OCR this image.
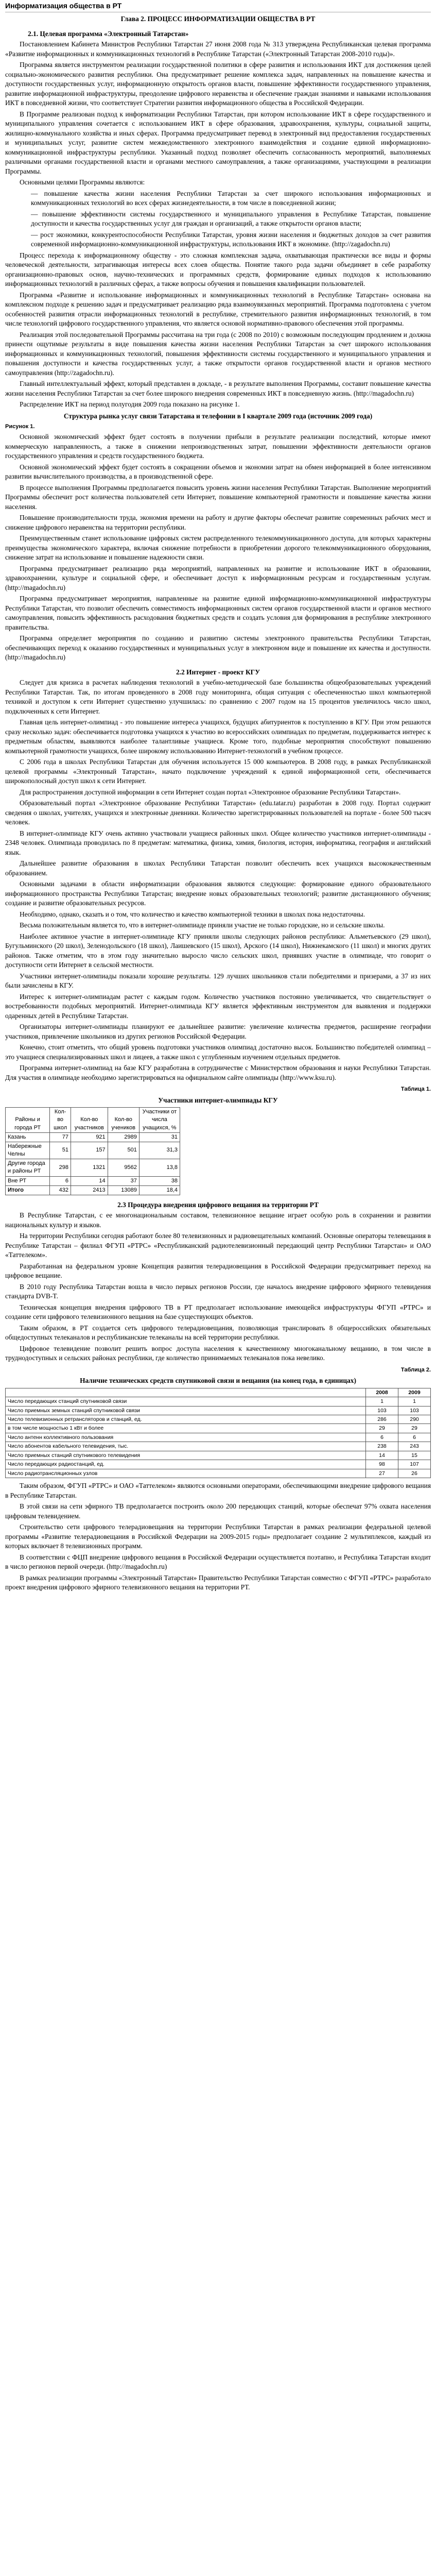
Информатизация общества в РТ
Глава 2. ПРОЦЕСС ИНФОРМАТИЗАЦИИ ОБЩЕСТВА В РТ
2.1. Целевая программа «Электронный Татарстан»

Постановлением Кабинета Министров Республики Татарстан 27 июня 2008 года № 313 утверждена Республиканская целевая программа «Развитие информационных и коммуникационных технологий в Республике Татарстан («Электронный Татарстан 2008-2010 годы)».

Программа является инструментом реализации государственной политики в сфере развития и использования ИКТ для достижения целей социально-экономического развития республики. Она предусматривает решение комплекса задач, направленных на повышение качества и доступности государственных услуг, информационную открытость органов власти, повышение эффективности государственного управления, развитие информационной инфраструктуры, преодоление цифрового неравенства и обеспечение граждан знаниями и навыками использования ИКТ в повседневной жизни, что соответствует Стратегии развития информационного общества в Российской Федерации.

В Программе реализован подход к информатизации Республики Татарстан, при котором использование ИКТ в сфере государственного и муниципального управления сочетается с использованием ИКТ в сфере образования, здравоохранения, культуры, социальной защиты, жилищно-коммунального хозяйства и иных сферах. Программа предусматривает перевод в электронный вид предоставления государственных и муниципальных услуг, развитие систем межведомственного электронного взаимодействия и создание единой информационно-коммуникационной инфраструктуры республики. Указанный подход позволяет обеспечить согласованность мероприятий, выполняемых различными органами государственной власти и органами местного самоуправления, а также организациями, участвующими в реализации Программы.

Основными целями Программы являются:

— повышение качества жизни населения Республики Татарстан за счет широкого использования информационных и коммуникационных технологий во всех сферах жизнедеятельности, в том числе в повседневной жизни;

— повышение эффективности системы государственного и муниципального управления в Республике Татарстан, повышение доступности и качества государственных услуг для граждан и организаций, а также открытости органов власти;

— рост экономики, конкурентоспособности Республики Татарстан, уровня жизни населения и бюджетных доходов за счет развития современной информационно-коммуникационной инфраструктуры, использования ИКТ в экономике. (http://zagadochn.ru)

Процесс перехода к информационному обществу - это сложная комплексная задача, охватывающая практически все виды и формы человеческой деятельности, затрагивающая интересы всех слоев общества. Понятие такого рода задачи объединяет в себе разработку организационно-правовых основ, научно-технических и программных средств, формирование единых подходов к использованию информационных технологий в различных сферах, а также вопросы обучения и повышения квалификации пользователей.

Программа «Развитие и использование информационных и коммуникационных технологий в Республике Татарстан» основана на комплексном подходе к решению задач и предусматривает реализацию ряда взаимоувязанных мероприятий. Программа подготовлена с учетом особенностей развития отрасли информационных технологий в республике, стремительного развития информационных технологий, в том числе технологий цифрового государственного управления, что является основой нормативно-правового обеспечения этой программы.

Реализация этой последовательной Программы рассчитана на три года (с 2008 по 2010) с возможным последующим продлением и должна принести ощутимые результаты в виде повышения качества жизни населения Республики Татарстан за счет широкого использования информационных и коммуникационных технологий, повышения эффективности системы государственного и муниципального управления и повышения доступности и качества государственных услуг, а также открытости органов государственной власти и органов местного самоуправления (http://zagadochn.ru).

Главный интеллектуальный эффект, который представлен в докладе, - в результате выполнения Программы, составит повышение качества жизни населения Республики Татарстан за счет более широкого внедрения современных ИКТ в повседневную жизнь. (http://magadochn.ru)

Распределение ИКТ на период полугодия 2009 года показано на рисунке 1.

Структура рынка услуг связи Татарстана и телефонии в I квартале 2009 года (источник 2009 года)
Рисунок 1.

Основной экономический эффект будет состоять в получении прибыли в результате реализации последствий, которые имеют коммерческую направленность, а также в снижении непроизводственных затрат, повышении эффективности деятельности органов государственного управления и средств государственного бюджета.

Основной экономический эффект будет состоять в сокращении объемов и экономии затрат на обмен информацией в более интенсивном развитии вычислительного производства, а в производственной сфере.

В процессе выполнения Программы предполагается повысить уровень жизни населения Республики Татарстан. Выполнение мероприятий Программы обеспечит рост количества пользователей сети Интернет, повышение компьютерной грамотности и повышение качества жизни населения.

Повышение производительности труда, экономия времени на работу и другие факторы обеспечат развитие современных рабочих мест и снижение цифрового неравенства на территории республики.

Преимущественным станет использование цифровых систем распределенного телекоммуникационного доступа, для которых характерны преимущества экономического характера, включая снижение потребности в приобретении дорогого телекоммуникационного оборудования, снижение затрат на использование и повышение надежности связи.

Программа предусматривает реализацию ряда мероприятий, направленных на развитие и использование ИКТ в образовании, здравоохранении, культуре и социальной сфере, и обеспечивает доступ к информационным ресурсам и государственным услугам. (http://magadochn.ru)

Программа предусматривает мероприятия, направленные на развитие единой информационно-коммуникационной инфраструктуры Республики Татарстан, что позволит обеспечить совместимость информационных систем органов государственной власти и органов местного самоуправления, повысить эффективность расходования бюджетных средств и создать условия для формирования в республике электронного правительства.

Программа определяет мероприятия по созданию и развитию системы электронного правительства Республики Татарстан, обеспечивающих переход к оказанию государственных и муниципальных услуг в электронном виде и повышение их качества и доступности. (http://magadochn.ru)

2.2 Интернет - проект КГУ

Следует для кризиса в расчетах наблюдения технологий в учебно-методической базе большинства общеобразовательных учреждений Республики Татарстан. Так, по итогам проведенного в 2008 году мониторинга, общая ситуация с обеспеченностью школ компьютерной техникой и доступом к сети Интернет существенно улучшилась: по сравнению с 2007 годом на 15 процентов увеличилось число школ, подключенных к сети Интернет.

Главная цель интернет-олимпиад - это повышение интереса учащихся, будущих абитуриентов к поступлению в КГУ. При этом решаются сразу несколько задач: обеспечивается подготовка учащихся к участию во всероссийских олимпиадах по предметам, поддерживается интерес к предметным областям, выявляются наиболее талантливые учащиеся. Кроме того, подобные мероприятия способствуют повышению компьютерной грамотности учащихся, более широкому использованию Интернет-технологий в учебном процессе.

С 2006 года в школах Республики Татарстан для обучения используется 15 000 компьютеров. В 2008 году, в рамках Республиканской целевой программы «Электронный Татарстан», начато подключение учреждений к единой информационной сети, обеспечивается широкополосный доступ школ к сети Интернет.

Для распространения доступной информации в сети Интернет создан портал «Электронное образование Республики Татарстан».

Образовательный портал «Электронное образование Республики Татарстан» (edu.tatar.ru) разработан в 2008 году. Портал содержит сведения о школах, учителях, учащихся и электронные дневники. Количество зарегистрированных пользователей на портале - более 500 тысяч человек.

В интернет-олимпиаде КГУ очень активно участвовали учащиеся районных школ. Общее количество участников интернет-олимпиады - 2348 человек. Олимпиада проводилась по 8 предметам: математика, физика, химия, биология, история, информатика, география и английский язык.

Дальнейшее развитие образования в школах Республики Татарстан позволит обеспечить всех учащихся высококачественным образованием.

Основными задачами в области информатизации образования являются следующие: формирование единого образовательного информационного пространства Республики Татарстан; внедрение новых образовательных технологий; развитие дистанционного обучения; создание и развитие образовательных ресурсов.

Необходимо, однако, сказать и о том, что количество и качество компьютерной техники в школах пока недостаточны.

Весьма положительным является то, что в интернет-олимпиаде приняли участие не только городские, но и сельские школы.

Наиболее активное участие в интернет-олимпиаде КГУ приняли школы следующих районов республики: Альметьевского (29 школ), Бугульминского (20 школ), Зеленодольского (18 школ), Лаишевского (15 школ), Арского (14 школ), Нижнекамского (11 школ) и многих других районов. Также отметим, что в этом году значительно выросло число сельских школ, приявших участие в олимпиаде, что говорит о доступности сети Интернет в сельской местности.

Участники интернет-олимпиады показали хорошие результаты. 129 лучших школьников стали победителями и призерами, а 37 из них были зачислены в КГУ.

Интерес к интернет-олимпиадам растет с каждым годом. Количество участников постоянно увеличивается, что свидетельствует о востребованности подобных мероприятий. Интернет-олимпиада КГУ является эффективным инструментом для выявления и поддержки одаренных детей в Республике Татарстан.

Организаторы интернет-олимпиады планируют ее дальнейшее развитие: увеличение количества предметов, расширение географии участников, привлечение школьников из других регионов Российской Федерации.

Конечно, стоит отметить, что общий уровень подготовки участников олимпиад достаточно высок. Большинство победителей олимпиад – это учащиеся специализированных школ и лицеев, а также школ с углубленным изучением отдельных предметов.

Программа интернет-олимпиад на базе КГУ разработана в сотрудничестве с Министерством образования и науки Республики Татарстан. Для участия в олимпиаде необходимо зарегистрироваться на официальном сайте олимпиады (http://www.ksu.ru).

Таблица 1.
Участники интернет-олимпиады КГУ
Районы и города РТ	Кол-во школ	Кол-во участников	Кол-во учеников	Участники от числа учащихся, %
Казань	77	921	2989	31
Набережные Челны	51	157	501	31,3
Другие города и районы РТ	298	1321	9562	13,8
Вне РТ	6	14	37	38
Итого	432	2413	13089	18,4
2.3 Процедура внедрения цифрового вещания на территории РТ

В Республике Татарстан, с ее многонациональным составом, телевизионное вещание играет особую роль в сохранении и развитии национальных культур и языков.

На территории Республики сегодня работают более 80 телевизионных и радиовещательных компаний. Основные операторы телевещания в Республике Татарстан – филиал ФГУП «РТРС» «Республиканский радиотелевизионный передающий центр Республики Татарстан» и ОАО «Таттелеком».

Разработанная на федеральном уровне Концепция развития телерадиовещания в Российской Федерации предусматривает переход на цифровое вещание.

В 2010 году Республика Татарстан вошла в число первых регионов России, где началось внедрение цифрового эфирного телевидения стандарта DVB-T.

Техническая концепция внедрения цифрового ТВ в РТ предполагает использование имеющейся инфраструктуры ФГУП «РТРС» и создание сети цифрового телевизионного вещания на базе существующих объектов.

Таким образом, в РТ создается сеть цифрового телерадиовещания, позволяющая транслировать 8 общероссийских обязательных общедоступных телеканалов и республиканские телеканалы на всей территории республики.

Цифровое телевидение позволит решить вопрос доступа населения к качественному многоканальному вещанию, в том числе в труднодоступных и сельских районах республики, где количество принимаемых телеканалов пока невелико.

Таблица 2.
Наличие технических средств спутниковой связи и вещания (на конец года, в единицах)
	2008	2009
Число передающих станций спутниковой связи	1	1
Число приемных земных станций спутниковой связи	103	103
Число телевизионных ретрансляторов и станций, ед.	286	290
в том числе мощностью 1 кВт и более	29	29
Число антенн коллективного пользования	6	6
Число абонентов кабельного телевидения, тыс.	238	243
Число приемных станций спутникового телевидения	14	15
Число передающих радиостанций, ед.	98	107
Число радиотрансляционных узлов	27	26

Таким образом, ФГУП «РТРС» и ОАО «Таттелеком» являются основными операторами, обеспечивающими внедрение цифрового вещания в Республике Татарстан.

В этой связи на сети эфирного ТВ предполагается построить около 200 передающих станций, которые обеспечат 97% охвата населения цифровым телевидением.

Строительство сети цифрового телерадиовещания на территории Республики Татарстан в рамках реализации федеральной целевой программы «Развитие телерадиовещания в Российской Федерации на 2009-2015 годы» предполагает создание 2 мультиплексов, каждый из которых включает 8 телевизионных программ.

В соответствии с ФЦП внедрение цифрового вещания в Российской Федерации осуществляется поэтапно, и Республика Татарстан входит в число регионов первой очереди. (http://magadochn.ru)

В рамках реализации программы «Электронный Татарстан» Правительство Республики Татарстан совместно с ФГУП «РТРС» разработало проект внедрения цифрового эфирного телевизионного вещания на территории РТ.
